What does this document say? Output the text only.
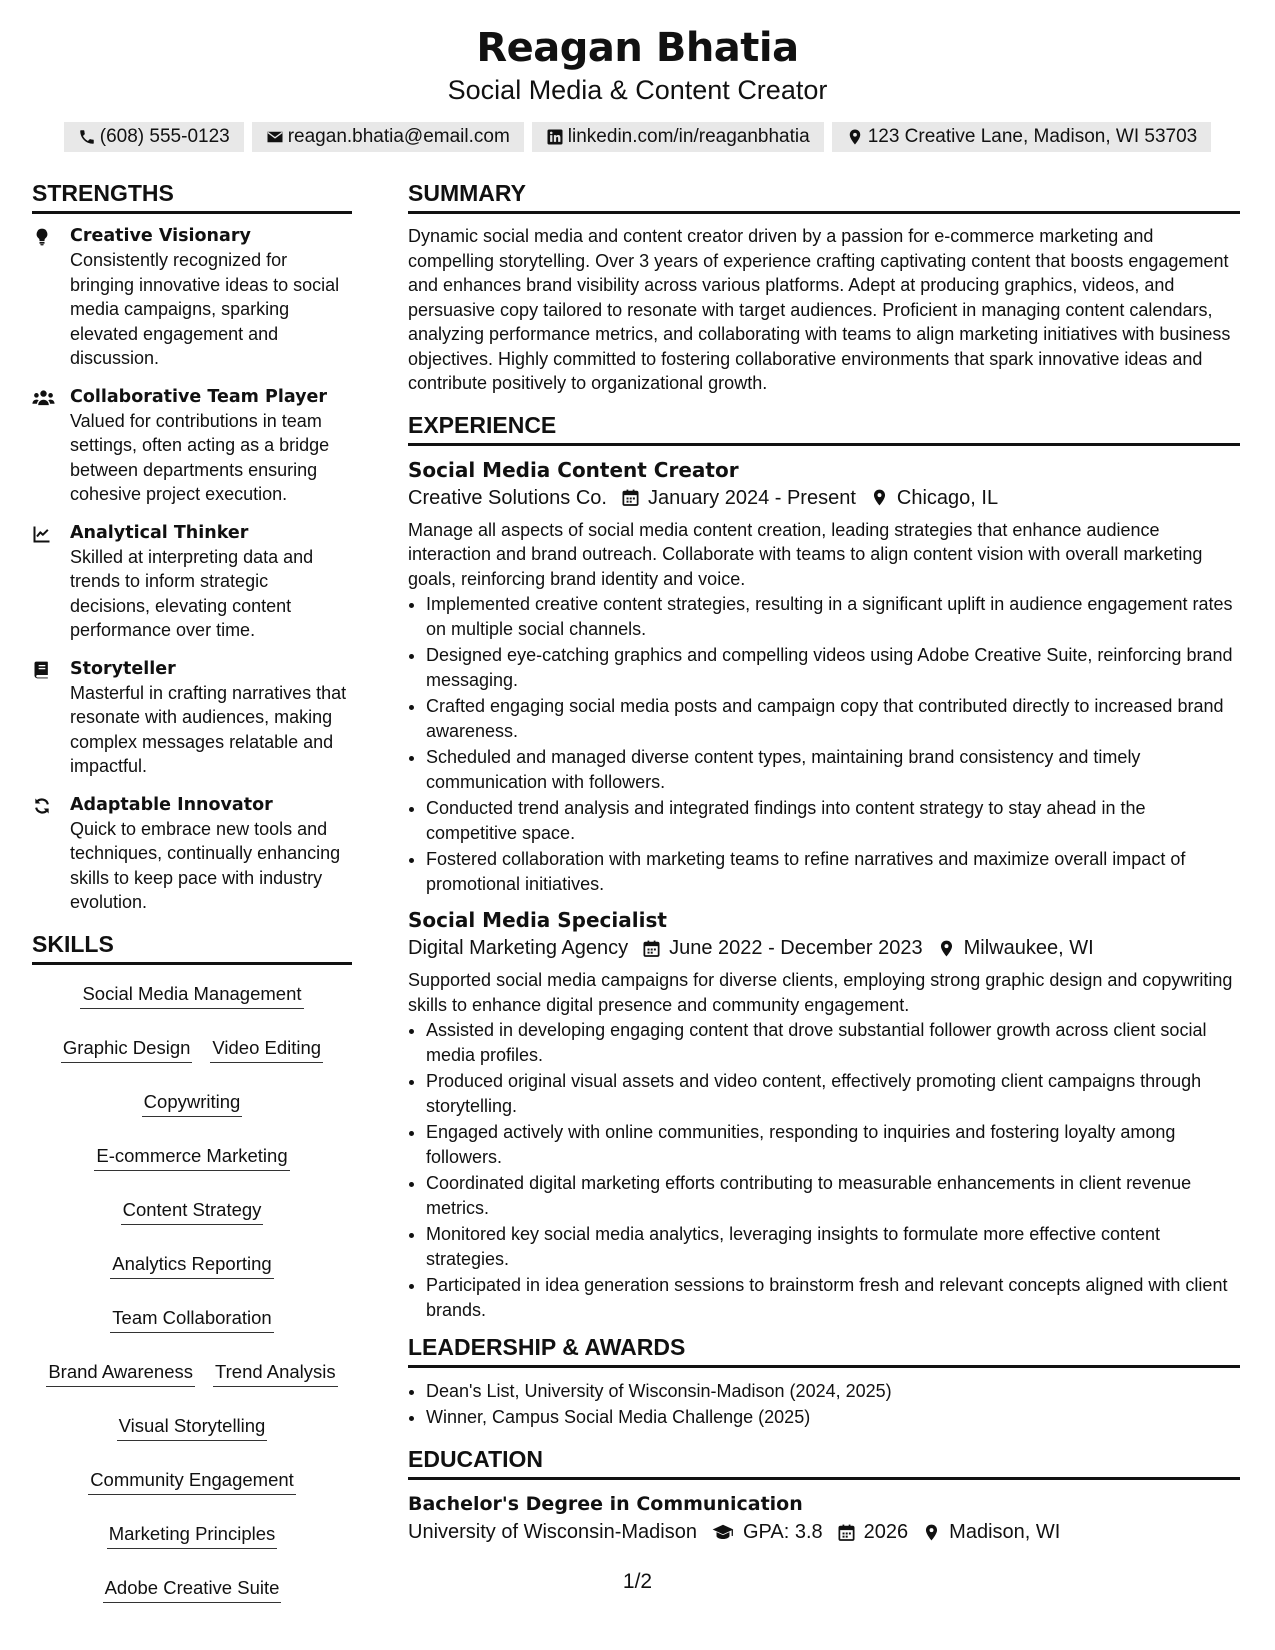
Reagan Bhatia
Social Media & Content Creator
(608) 555-0123	reagan.bhatia@email.com	linkedin.com/in/reaganbhatia	123 Creative Lane, Madison, WI 53703
STRENGTHS
Creative Visionary
Consistently recognized for bringing innovative ideas to social media campaigns, sparking elevated engagement and discussion.
Collaborative Team Player
Valued for contributions in team settings, often acting as a bridge between departments ensuring cohesive project execution.
Analytical Thinker
Skilled at interpreting data and trends to inform strategic decisions, elevating content performance over time.
Storyteller
Masterful in crafting narratives that resonate with audiences, making complex messages relatable and impactful.
Adaptable Innovator
Quick to embrace new tools and techniques, continually enhancing skills to keep pace with industry evolution.
SKILLS
Social Media Management
Graphic Design Video Editing
Copywriting
E-commerce Marketing
Content Strategy
Analytics Reporting
Team Collaboration
Brand Awareness Trend Analysis
Visual Storytelling
Community Engagement
Marketing Principles
Adobe Creative Suite
SUMMARY
Dynamic social media and content creator driven by a passion for e-commerce marketing and compelling storytelling. Over 3 years of experience crafting captivating content that boosts engagement and enhances brand visibility across various platforms. Adept at producing graphics, videos, and persuasive copy tailored to resonate with target audiences. Proficient in managing content calendars, analyzing performance metrics, and collaborating with teams to align marketing initiatives with business objectives. Highly committed to fostering collaborative environments that spark innovative ideas and contribute positively to organizational growth.
EXPERIENCE
Social Media Content Creator
Creative Solutions Co. January 2024 - Present Chicago, IL
Manage all aspects of social media content creation, leading strategies that enhance audience interaction and brand outreach. Collaborate with teams to align content vision with overall marketing goals, reinforcing brand identity and voice.
• Implemented creative content strategies, resulting in a significant uplift in audience engagement rates on multiple social channels.
• Designed eye-catching graphics and compelling videos using Adobe Creative Suite, reinforcing brand messaging.
• Crafted engaging social media posts and campaign copy that contributed directly to increased brand awareness.
• Scheduled and managed diverse content types, maintaining brand consistency and timely communication with followers.
• Conducted trend analysis and integrated findings into content strategy to stay ahead in the competitive space.
• Fostered collaboration with marketing teams to refine narratives and maximize overall impact of promotional initiatives.
Social Media Specialist
Digital Marketing Agency June 2022 - December 2023 Milwaukee, WI
Supported social media campaigns for diverse clients, employing strong graphic design and copywriting skills to enhance digital presence and community engagement.
• Assisted in developing engaging content that drove substantial follower growth across client social media profiles.
• Produced original visual assets and video content, effectively promoting client campaigns through storytelling.
• Engaged actively with online communities, responding to inquiries and fostering loyalty among followers.
• Coordinated digital marketing efforts contributing to measurable enhancements in client revenue metrics.
• Monitored key social media analytics, leveraging insights to formulate more effective content strategies.
• Participated in idea generation sessions to brainstorm fresh and relevant concepts aligned with client brands.
LEADERSHIP & AWARDS
• Dean's List, University of Wisconsin-Madison (2024, 2025)
• Winner, Campus Social Media Challenge (2025)
EDUCATION
Bachelor's Degree in Communication
University of Wisconsin-Madison GPA: 3.8 2026 Madison, WI
1/2
